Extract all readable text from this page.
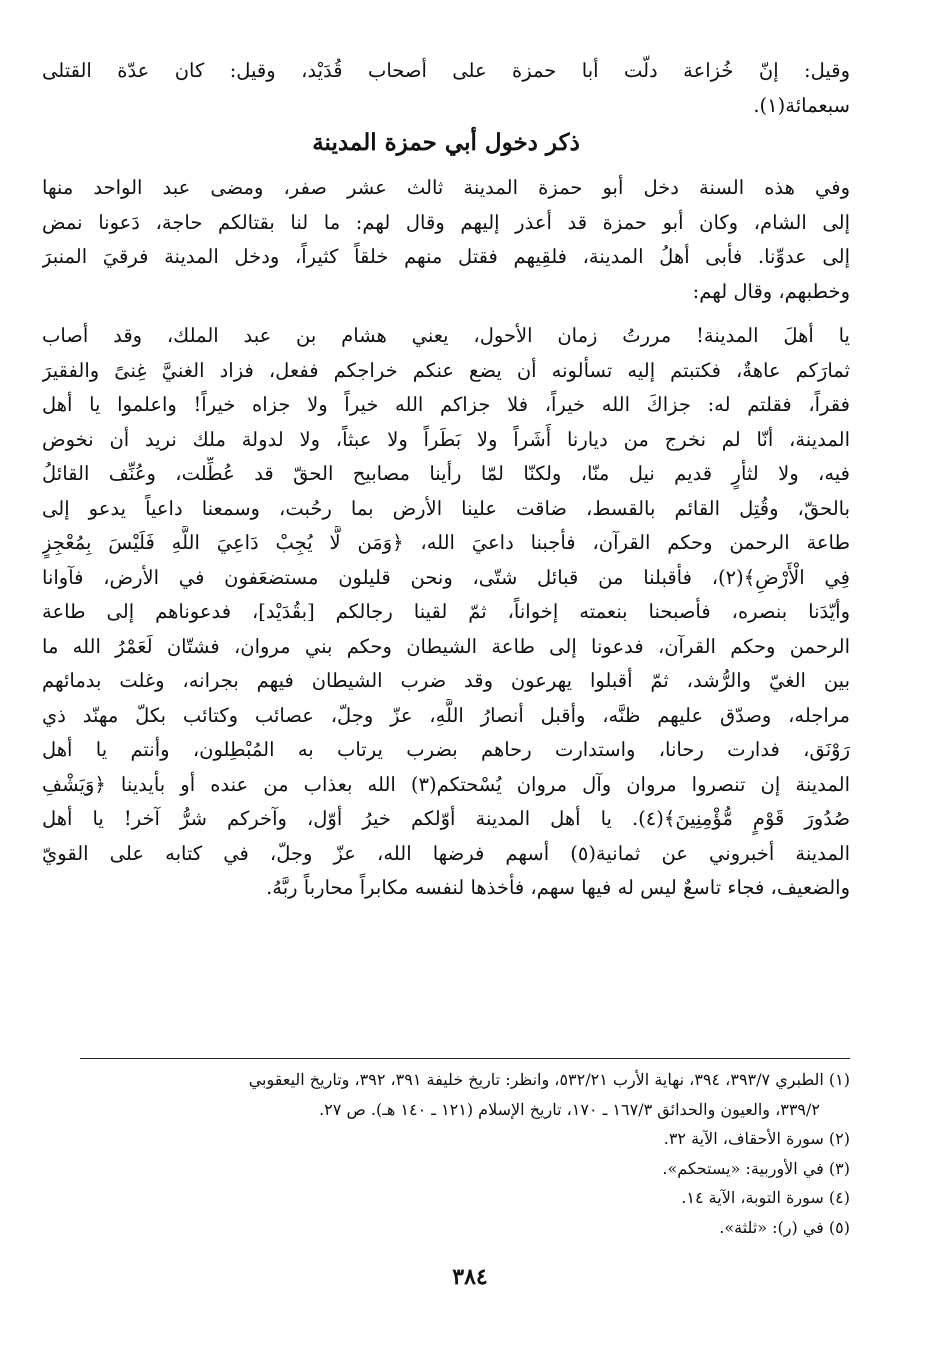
وقيل: إنّ خُزاعة دلّت أبا حمزة على أصحاب قُدَيْد، وقيل: كان عدّة القتلى
سبعمائة(١).
ذكر دخول أبي حمزة المدينة
وفي هذه السنة دخل أبو حمزة المدينة ثالث عشر صفر، ومضى عبد الواحد منها
إلى الشام، وكان أبو حمزة قد أعذر إليهم وقال لهم: ما لنا بقتالكم حاجة، دَعونا نمض
إلى عدوِّنا. فأبى أهلُ المدينة، فلقِيهم فقتل منهم خلقاً كثيراً، ودخل المدينة فرقيَ المنبرَ
وخطبهم، وقال لهم:
يا أهلَ المدينة! مررتُ زمان الأحول، يعني هشام بن عبد الملك، وقد أصاب
ثمارَكم عاهةٌ، فكتبتم إليه تسألونه أن يضع عنكم خراجكم ففعل، فزاد الغنيَّ غِنىً والفقيرَ
فقراً، فقلتم له: جزاكَ الله خيراً، فلا جزاكم الله خيراً ولا جزاه خيراً! واعلموا يا أهل
المدينة، أنّا لم نخرج من ديارنا أَشَراً ولا بَطَراً ولا عبثاً، ولا لدولة ملك نريد أن نخوض
فيه، ولا لثأرٍ قديم نيل منّا، ولكنّا لمّا رأينا مصابيح الحقّ قد عُطِّلت، وعُنِّف القائلُ
بالحقّ، وقُتِل القائم بالقسط، ضاقت علينا الأرض بما رحُبت، وسمعنا داعياً يدعو إلى
طاعة الرحمن وحكم القرآن، فأجبنا داعيَ الله، ﴿وَمَن لَّا يُجِبْ دَاعِيَ اللَّهِ فَلَيْسَ بِمُعْجِزٍ
فِي الْأَرْضِ﴾(٢)، فأقبلنا من قبائل شتّى، ونحن قليلون مستضعَفون في الأرض، فآوانا
وأيّدَنا بنصره، فأصبحنا بنعمته إخواناً، ثمّ لقينا رجالكم [بقُدَيْد]، فدعوناهم إلى طاعة
الرحمن وحكم القرآن، فدعونا إلى طاعة الشيطان وحكم بني مروان، فشتّان لَعَمْرُ الله ما
بين الغيّ والرُّشد، ثمّ أقبلوا يهرعون وقد ضرب الشيطان فيهم بجرانه، وغلت بدمائهم
مراجله، وصدّق عليهم ظنَّه، وأقبل أنصارُ اللَّهِ، عزّ وجلّ، عصائب وكتائب بكلّ مهنّد ذي
رَوْنَق، فدارت رحانا، واستدارت رحاهم بضرب يرتاب به المُبْطِلون، وأنتم يا أهل
المدينة إن تنصروا مروان وآل مروان يُسْحتكم(٣) الله بعذاب من عنده أو بأيدينا ﴿وَيَشْفِ
صُدُورَ قَوْمٍ مُّؤْمِنِينَ﴾(٤). يا أهل المدينة أوّلكم خيرُ أوّل، وآخركم شرُّ آخر! يا أهل
المدينة أخبروني عن ثمانية(٥) أسهم فرضها الله، عزّ وجلّ، في كتابه على القويّ
والضعيف، فجاء تاسعٌ ليس له فيها سهم، فأخذها لنفسه مكابراً محارباً ربَّهُ.
(١) الطبري ٣٩٣/٧، ٣٩٤، نهاية الأرب ٥٣٢/٢١، وانظر: تاريخ خليفة ٣٩١، ٣٩٢، وتاريخ اليعقوبي
٣٣٩/٢، والعيون والحدائق ١٦٧/٣ ـ ١٧٠، تاريخ الإسلام (١٢١ ـ ١٤٠ هـ). ص ٢٧.
(٢) سورة الأحقاف، الآية ٣٢.
(٣) في الأوربية: «يستحكم».
(٤) سورة التوبة، الآية ١٤.
(٥) في (ر): «ثلثة».
٣٨٤
